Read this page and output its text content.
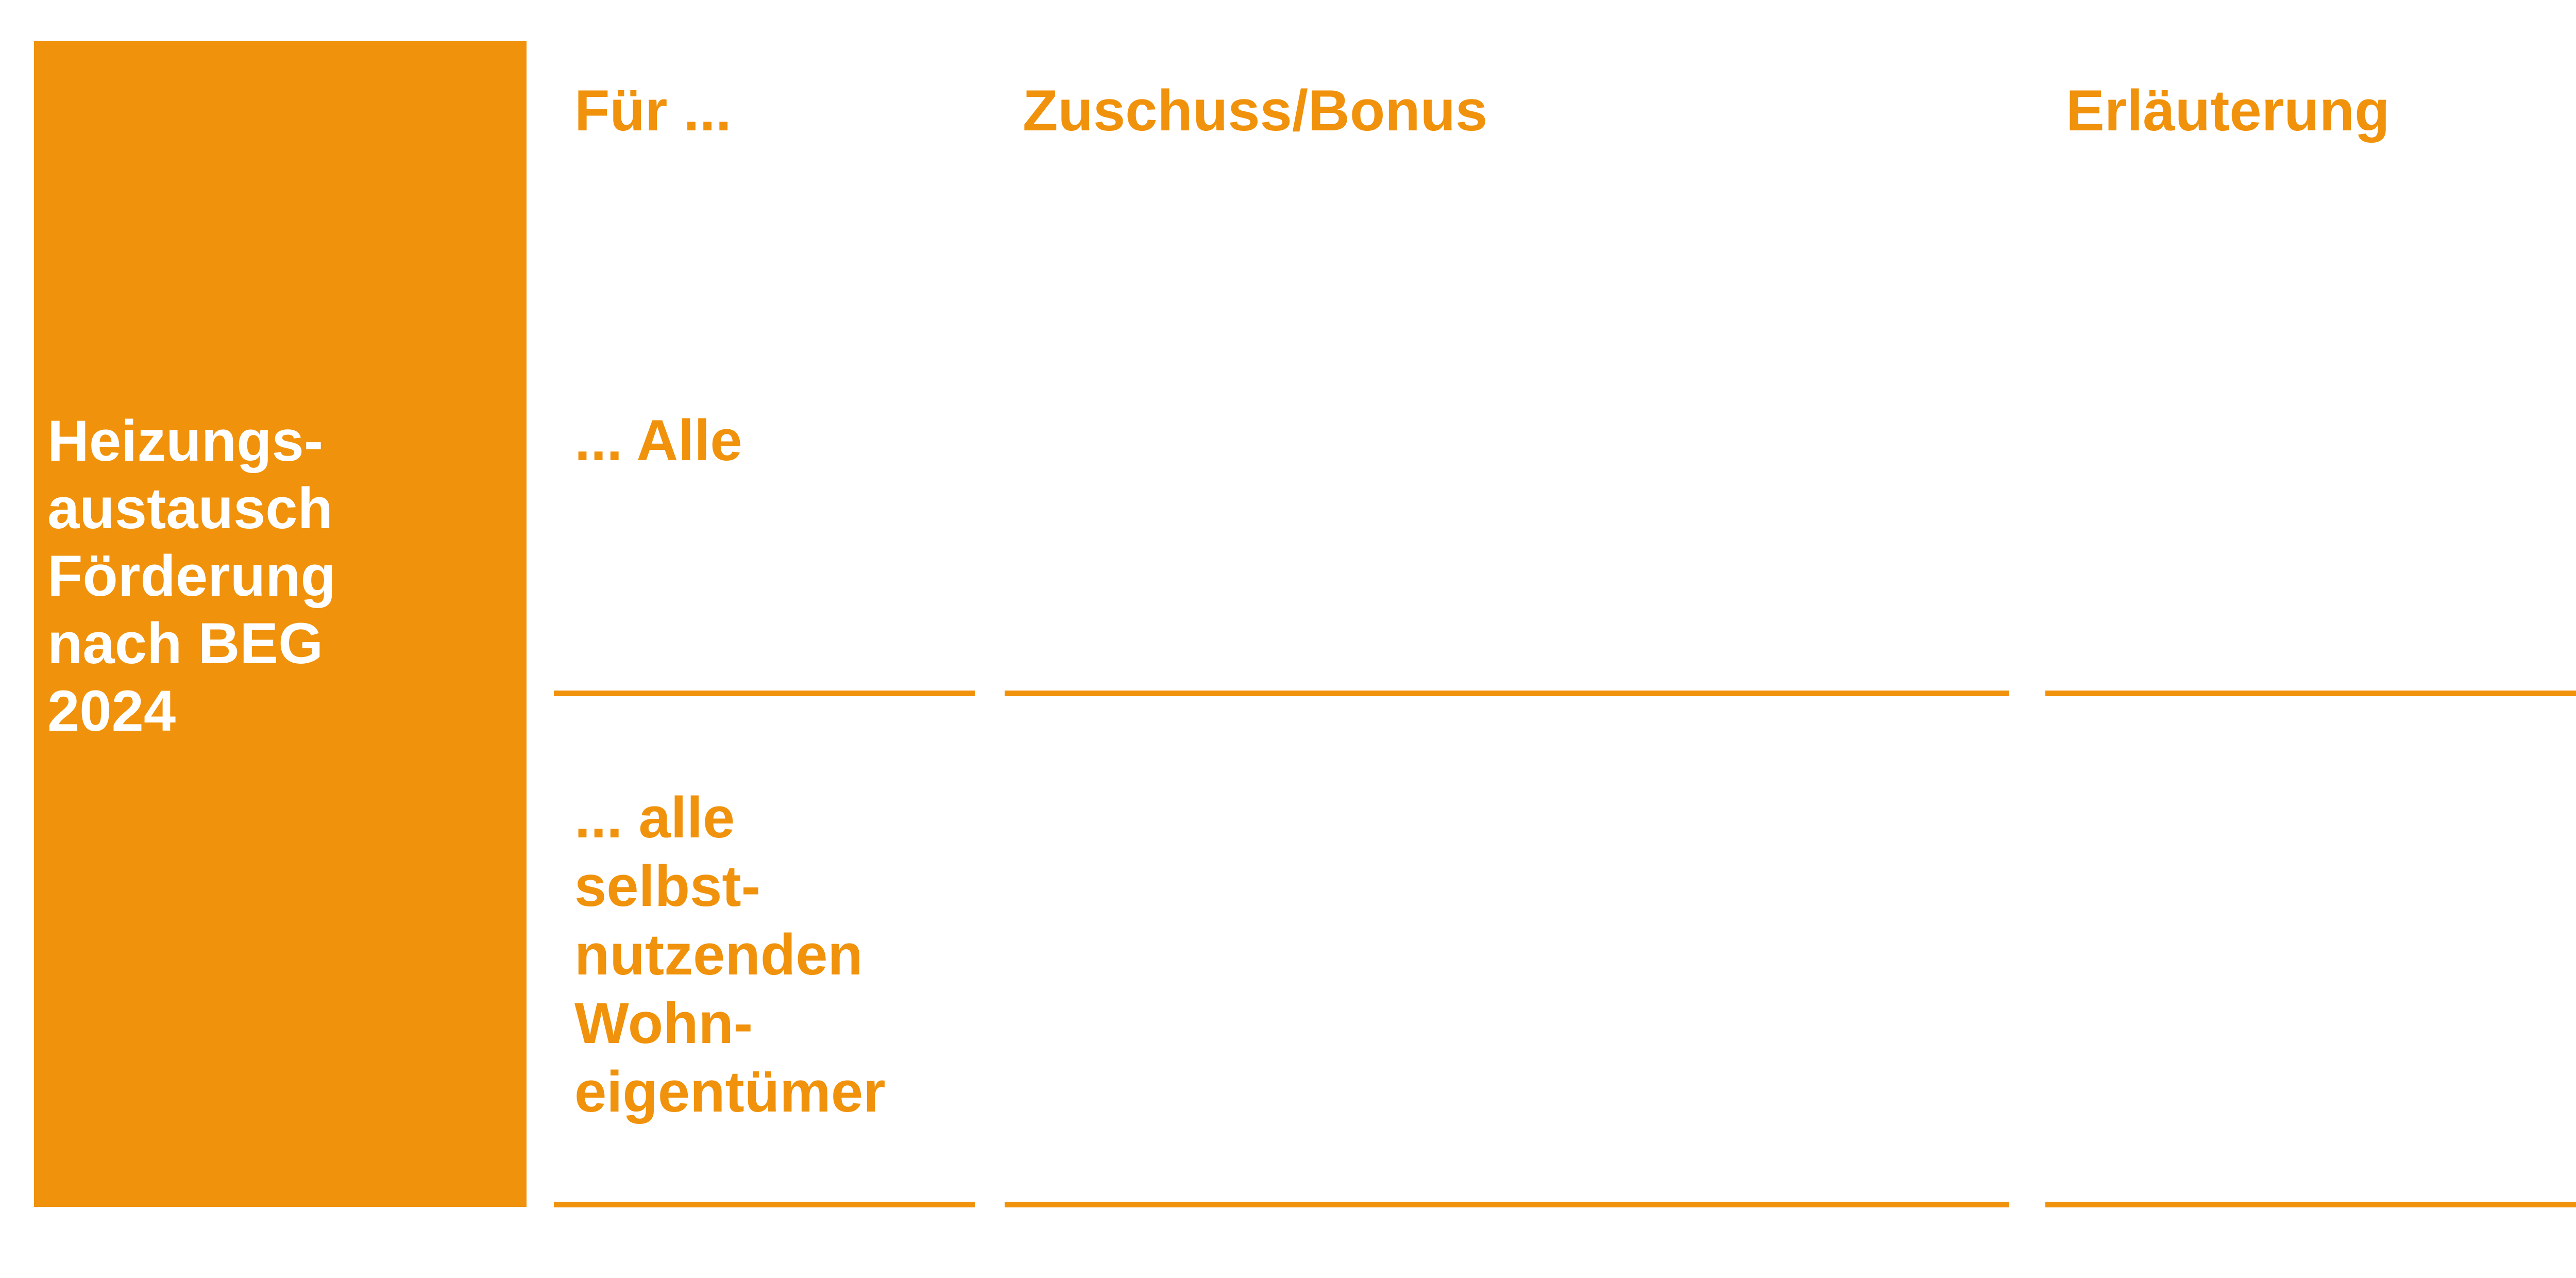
Heizungs-
austausch
Förderung
nach BEG
2024
Für ...	Zuschuss/Bonus	Erläuterung
... Alle
... alle
selbst-
nutzenden
Wohn-
eigentümer
